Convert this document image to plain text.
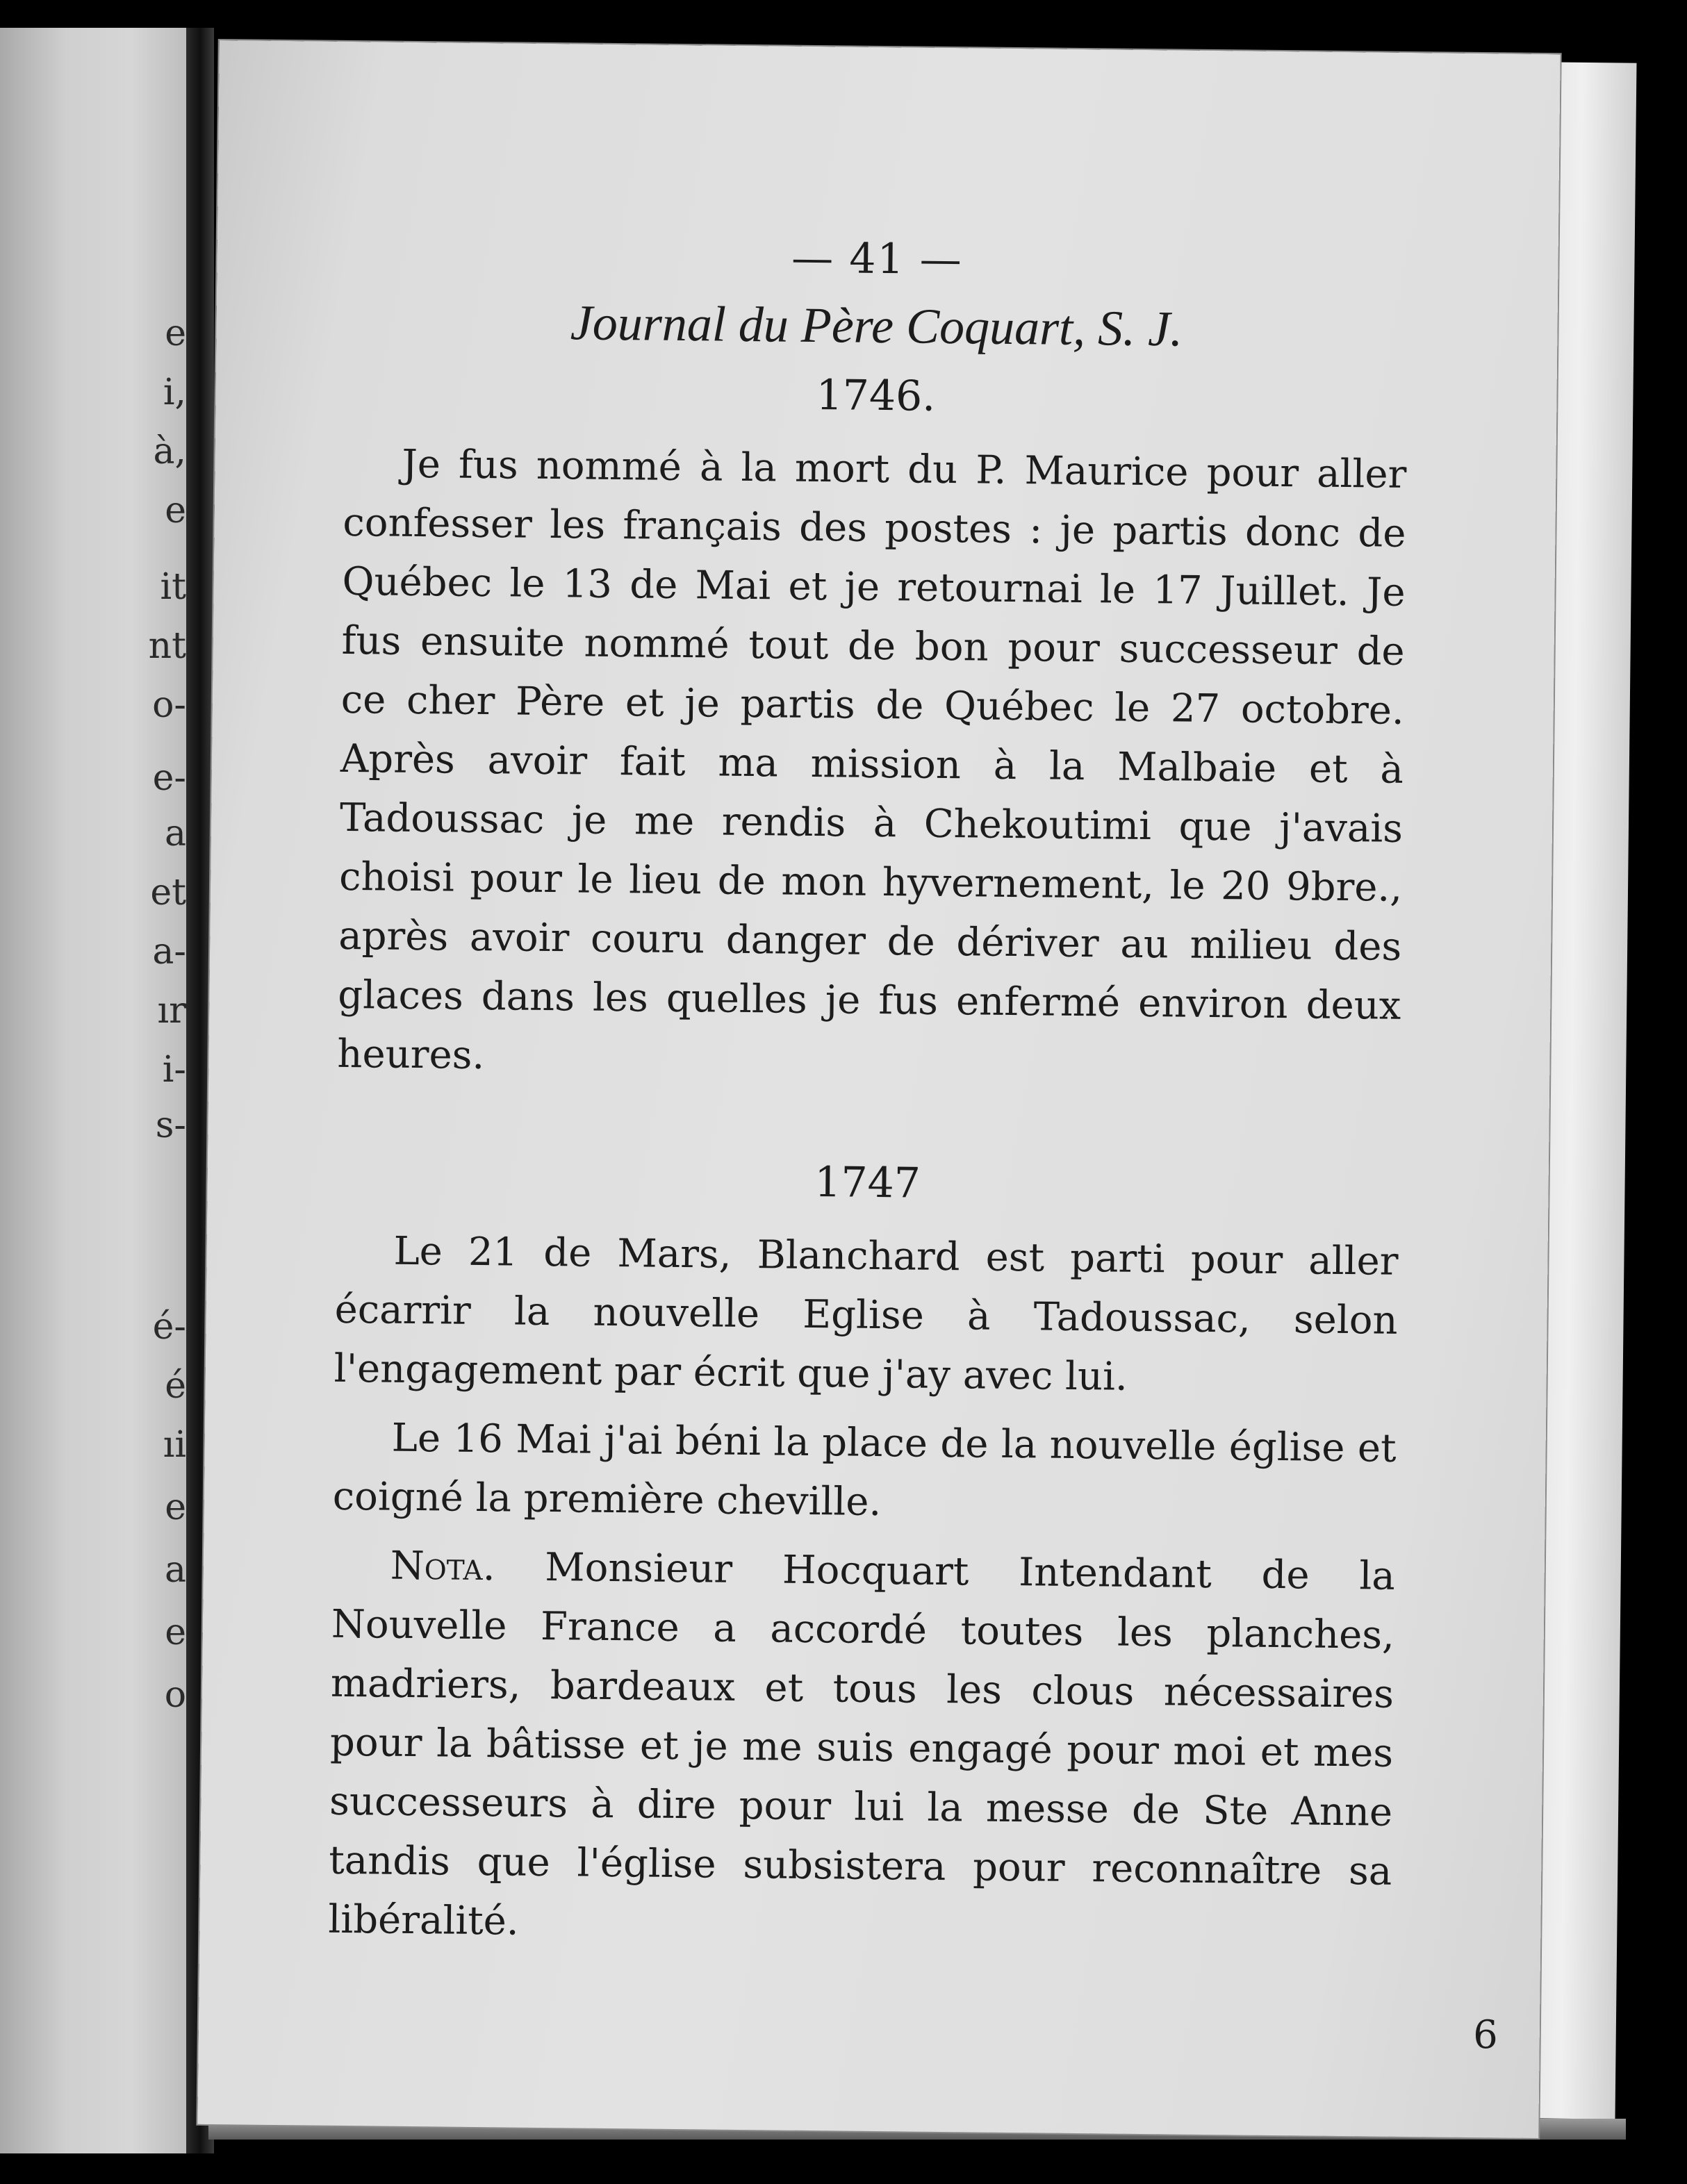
e
i,
à,
e
it
nt
o-
e-
a
et
a-
ır
i-
s-
é-
é
ıi
e
a
e
o
— 41 —
Journal du Père Coquart, S. J.
1746.

Je fus nommé à la mort du P. Maurice pour aller confesser les français des postes : je partis donc de Québec le 13 de Mai et je retournai le 17 Juillet. Je fus ensuite nommé tout de bon pour successeur de ce cher Père et je partis de Québec le 27 octobre. Après avoir fait ma mission à la Malbaie et à Tadoussac je me rendis à Chekoutimi que j'avais choisi pour le lieu de mon hyvernement, le 20 9bre., après avoir couru danger de dériver au milieu des glaces dans les quelles je fus enfermé environ deux heures.

1747

Le 21 de Mars, Blanchard est parti pour aller écarrir la nouvelle Eglise à Tadoussac, selon l'engagement par écrit que j'ay avec lui.

Le 16 Mai j'ai béni la place de la nouvelle église et coigné la première cheville.

Nota. Monsieur Hocquart Intendant de la Nouvelle France a accordé toutes les planches, madriers, bardeaux et tous les clous nécessaires pour la bâtisse et je me suis engagé pour moi et mes successeurs à dire pour lui la messe de Ste Anne tandis que l'église subsistera pour reconnaître sa libéralité.

6
